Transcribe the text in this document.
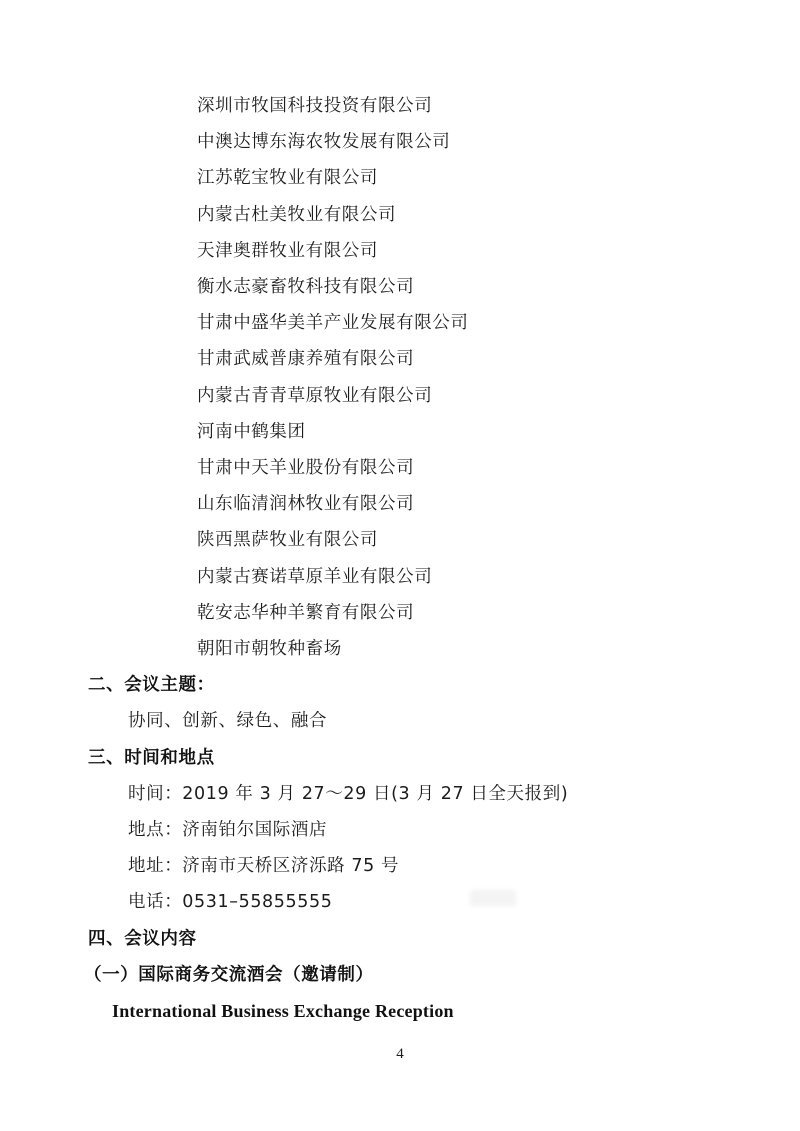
深圳市牧国科技投资有限公司
中澳达博东海农牧发展有限公司
江苏乾宝牧业有限公司
内蒙古杜美牧业有限公司
天津奥群牧业有限公司
衡水志豪畜牧科技有限公司
甘肃中盛华美羊产业发展有限公司
甘肃武威普康养殖有限公司
内蒙古青青草原牧业有限公司
河南中鹤集团
甘肃中天羊业股份有限公司
山东临清润林牧业有限公司
陕西黑萨牧业有限公司
内蒙古赛诺草原羊业有限公司
乾安志华种羊繁育有限公司
朝阳市朝牧种畜场
二、会议主题：
协同、创新、绿色、融合
三、时间和地点
时间：2019 年 3 月 27～29 日(3 月 27 日全天报到)
地点：济南铂尔国际酒店
地址：济南市天桥区济泺路 75 号
电话：0531–55855555
四、会议内容
（一）国际商务交流酒会（邀请制）
International Business Exchange Reception
4
